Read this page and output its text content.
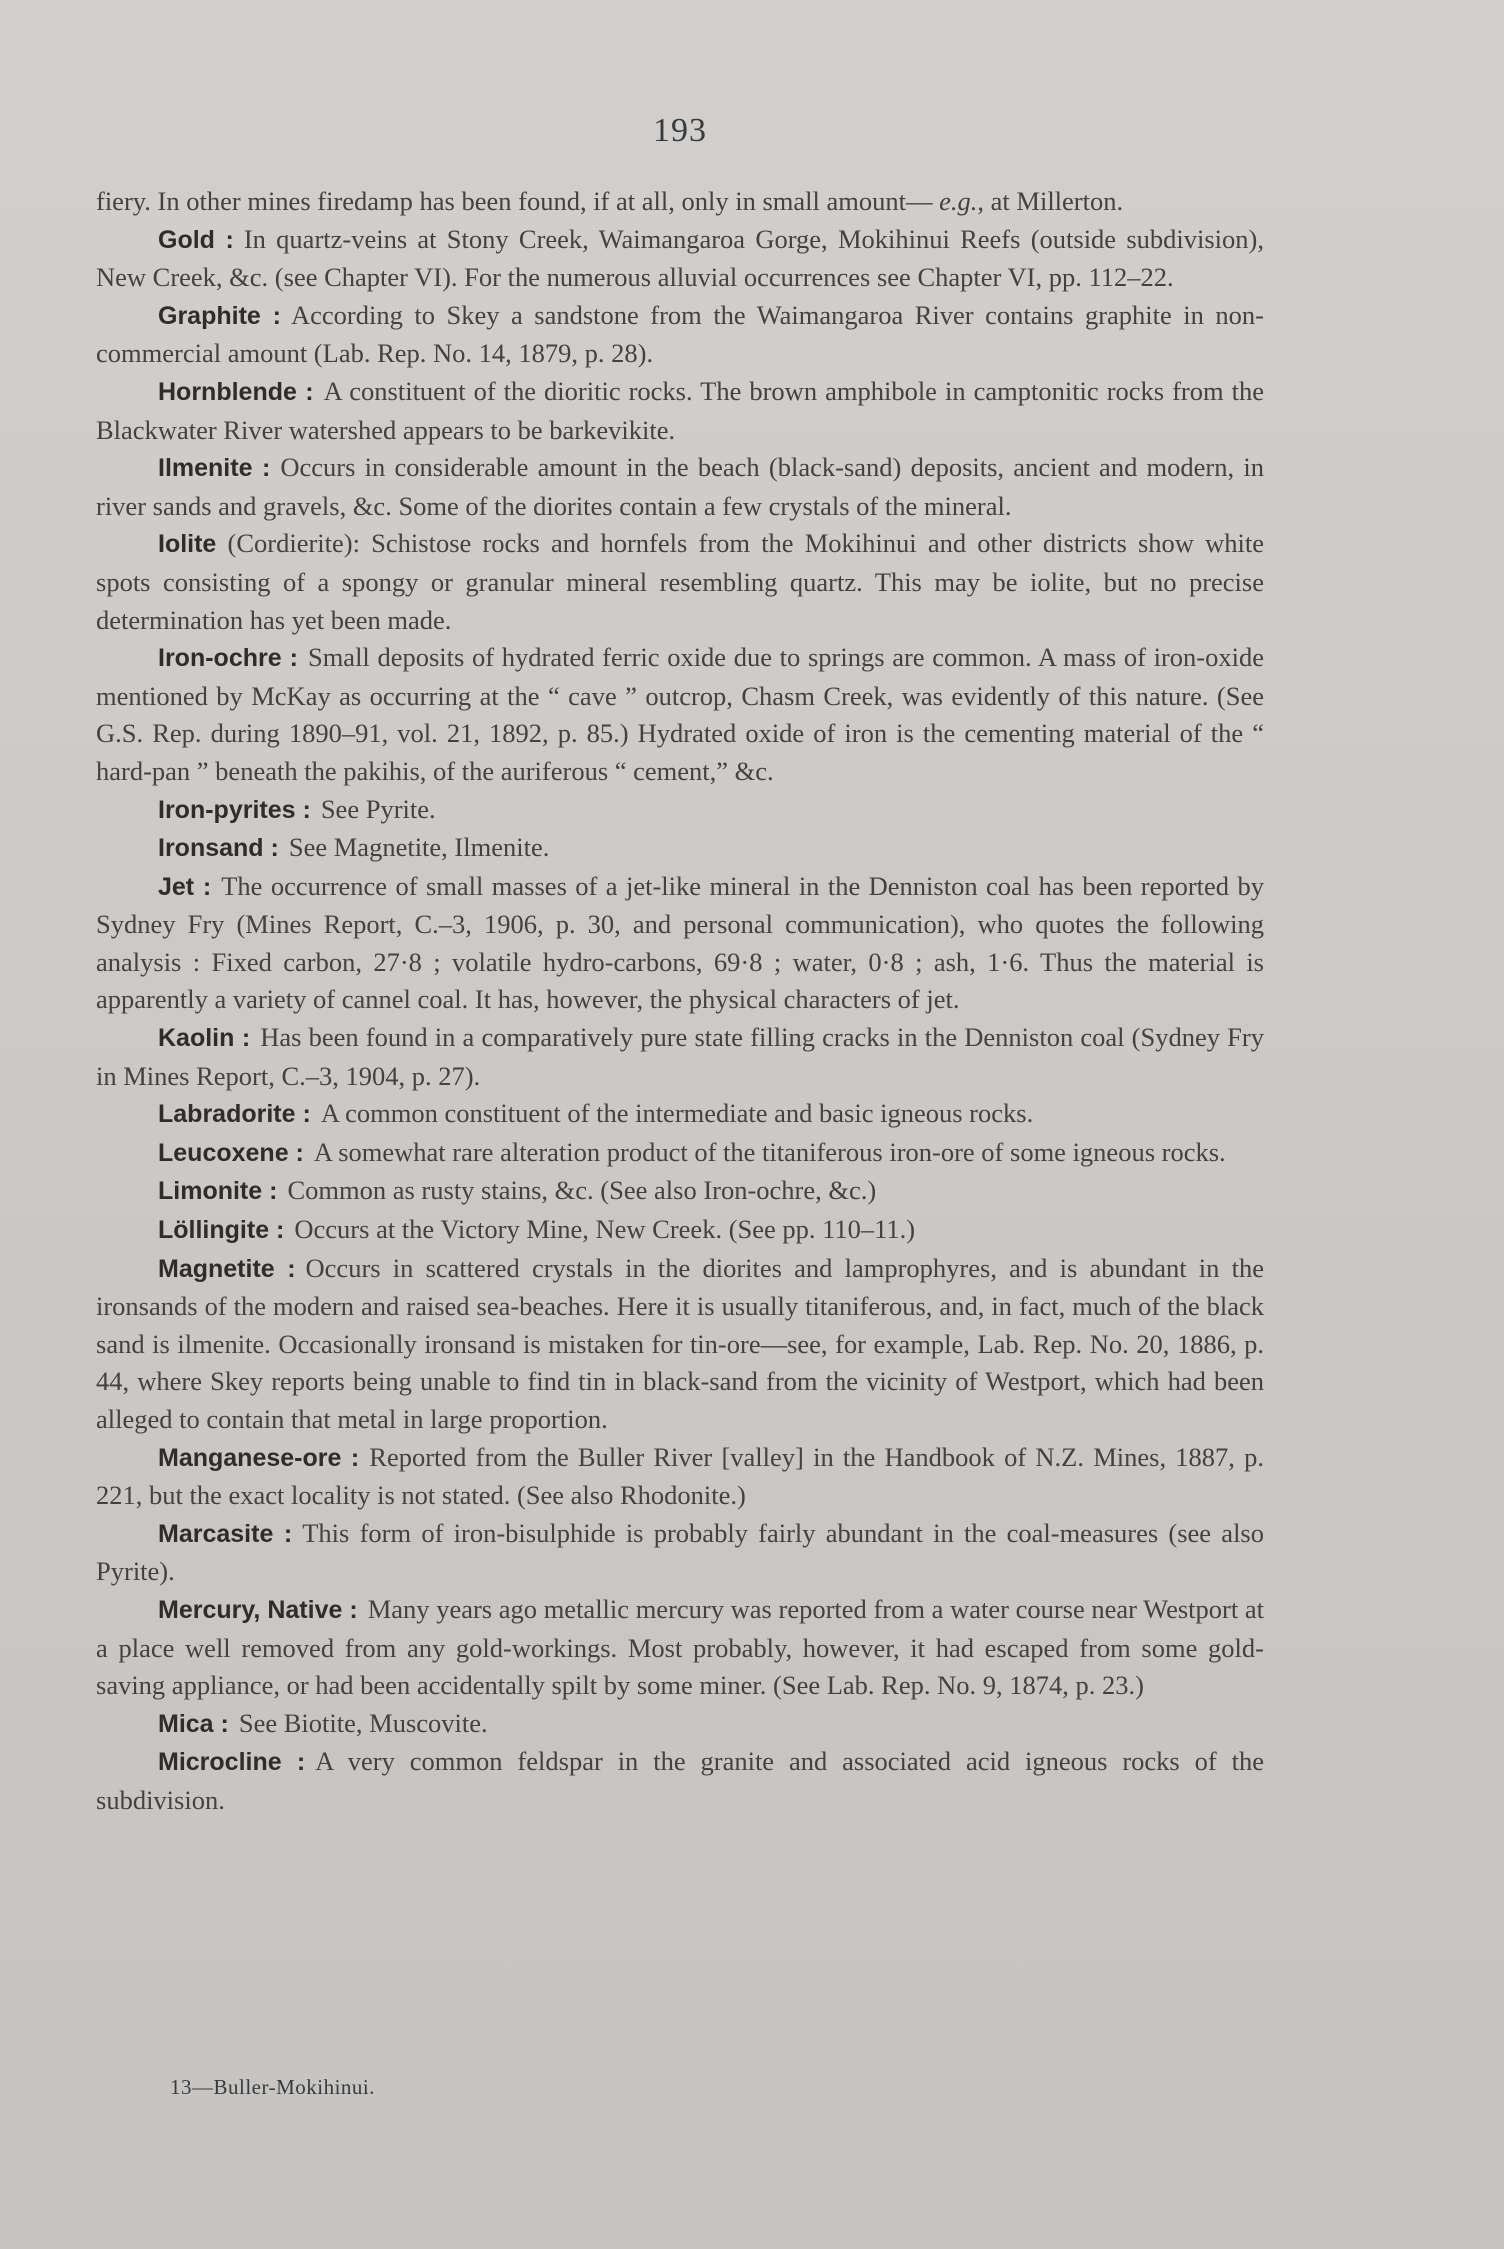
193

fiery. In other mines firedamp has been found, if at all, only in small amount— e.g., at Millerton.

Gold : In quartz-veins at Stony Creek, Waimangaroa Gorge, Mokihinui Reefs (outside subdivision), New Creek, &c. (see Chapter VI). For the numerous alluvial occurrences see Chapter VI, pp. 112–22.

Graphite : According to Skey a sandstone from the Waimangaroa River contains graphite in non-commercial amount (Lab. Rep. No. 14, 1879, p. 28).

Hornblende : A constituent of the dioritic rocks. The brown amphibole in camptonitic rocks from the Blackwater River watershed appears to be barkevikite.

Ilmenite : Occurs in considerable amount in the beach (black-sand) deposits, ancient and modern, in river sands and gravels, &c. Some of the diorites contain a few crystals of the mineral.

Iolite (Cordierite): Schistose rocks and hornfels from the Mokihinui and other districts show white spots consisting of a spongy or granular mineral resembling quartz. This may be iolite, but no precise determination has yet been made.

Iron-ochre : Small deposits of hydrated ferric oxide due to springs are common. A mass of iron-oxide mentioned by McKay as occurring at the “ cave ” outcrop, Chasm Creek, was evidently of this nature. (See G.S. Rep. during 1890–91, vol. 21, 1892, p. 85.) Hydrated oxide of iron is the cementing material of the “ hard-pan ” beneath the pakihis, of the auriferous “ cement,” &c.

Iron-pyrites : See Pyrite.

Ironsand : See Magnetite, Ilmenite.

Jet : The occurrence of small masses of a jet-like mineral in the Denniston coal has been reported by Sydney Fry (Mines Report, C.–3, 1906, p. 30, and personal communication), who quotes the following analysis : Fixed carbon, 27·8 ; volatile hydro-carbons, 69·8 ; water, 0·8 ; ash, 1·6. Thus the material is apparently a variety of cannel coal. It has, however, the physical characters of jet.

Kaolin : Has been found in a comparatively pure state filling cracks in the Denniston coal (Sydney Fry in Mines Report, C.–3, 1904, p. 27).

Labradorite : A common constituent of the intermediate and basic igneous rocks.

Leucoxene : A somewhat rare alteration product of the titaniferous iron-ore of some igneous rocks.

Limonite : Common as rusty stains, &c. (See also Iron-ochre, &c.)

Löllingite : Occurs at the Victory Mine, New Creek. (See pp. 110–11.)

Magnetite : Occurs in scattered crystals in the diorites and lamprophyres, and is abundant in the ironsands of the modern and raised sea-beaches. Here it is usually titaniferous, and, in fact, much of the black sand is ilmenite. Occasionally ironsand is mistaken for tin-ore—see, for example, Lab. Rep. No. 20, 1886, p. 44, where Skey reports being unable to find tin in black-sand from the vicinity of Westport, which had been alleged to contain that metal in large proportion.

Manganese-ore : Reported from the Buller River [valley] in the Handbook of N.Z. Mines, 1887, p. 221, but the exact locality is not stated. (See also Rhodonite.)

Marcasite : This form of iron-bisulphide is probably fairly abundant in the coal-measures (see also Pyrite).

Mercury, Native : Many years ago metallic mercury was reported from a water course near Westport at a place well removed from any gold-workings. Most probably, however, it had escaped from some gold-saving appliance, or had been accidentally spilt by some miner. (See Lab. Rep. No. 9, 1874, p. 23.)

Mica : See Biotite, Muscovite.

Microcline : A very common feldspar in the granite and associated acid igneous rocks of the subdivision.

13—Buller-Mokihinui.
